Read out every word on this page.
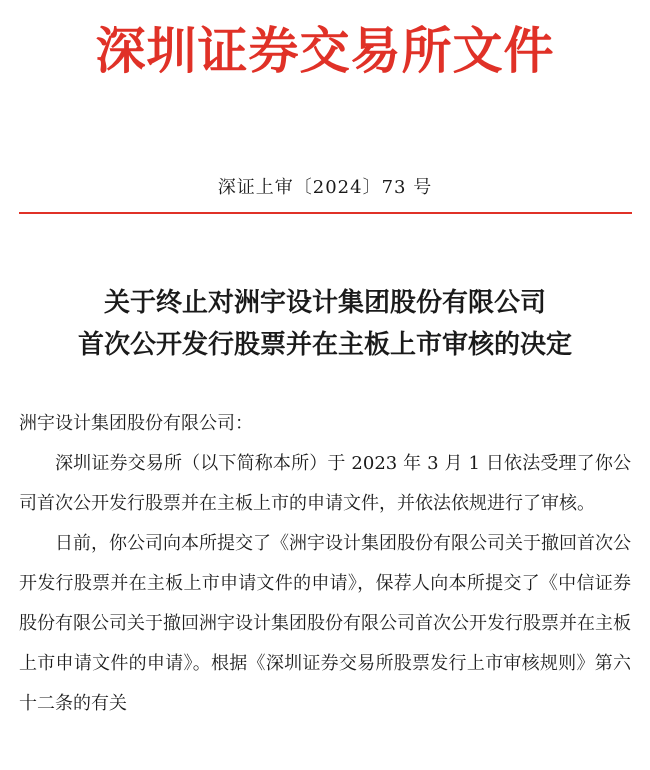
深圳证券交易所文件
深证上审〔2024〕73 号
关于终止对洲宇设计集团股份有限公司
首次公开发行股票并在主板上市审核的决定

洲宇设计集团股份有限公司：

深圳证券交易所（以下简称本所）于 2023 年 3 月 1 日依法受理了你公司首次公开发行股票并在主板上市的申请文件，并依法依规进行了审核。

日前，你公司向本所提交了《洲宇设计集团股份有限公司关于撤回首次公开发行股票并在主板上市申请文件的申请》，保荐人向本所提交了《中信证券股份有限公司关于撤回洲宇设计集团股份有限公司首次公开发行股票并在主板上市申请文件的申请》。根据《深圳证券交易所股票发行上市审核规则》第六十二条的有关
